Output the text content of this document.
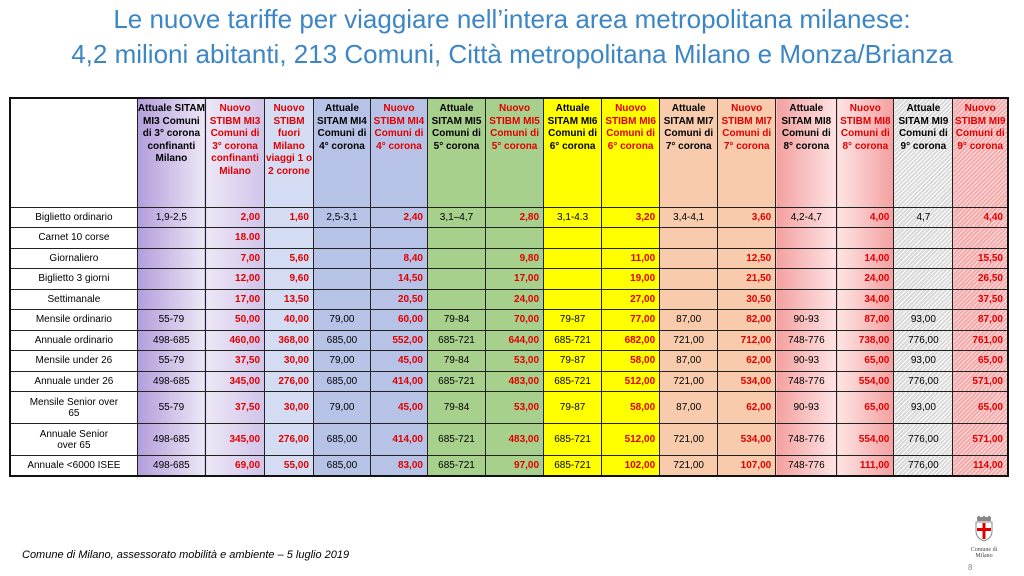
Le nuove tariffe per viaggiare nell’intera area metropolitana milanese:
4,2 milioni abitanti, 213 Comuni, Città metropolitana Milano e Monza/Brianza
	Attuale SITAM MI3 Comuni di 3° corona confinanti Milano	Nuovo STIBM MI3 Comuni di 3° corona confinanti Milano	Nuovo STIBM fuori Milano viaggi 1 o 2 corone	Attuale SITAM MI4 Comuni di 4° corona	Nuovo STIBM MI4 Comuni di 4° corona	Attuale SITAM MI5 Comuni di 5° corona	Nuovo STIBM MI5 Comuni di 5° corona	Attuale SITAM MI6 Comuni di 6° corona	Nuovo STIBM MI6 Comuni di 6° corona	Attuale SITAM MI7 Comuni di 7° corona	Nuovo STIBM MI7 Comuni di 7° corona	Attuale SITAM MI8 Comuni di 8° corona	Nuovo STIBM MI8 Comuni di 8° corona	Attuale SITAM MI9 Comuni di 9° corona	Nuovo STIBM MI9 Comuni di 9° corona
Biglietto ordinario	1,9-2,5	2,00	1,60	2,5-3,1	2,40	3,1–4,7	2,80	3,1-4.3	3,20	3,4-4,1	3,60	4,2-4,7	4,00	4,7	4,40
Carnet 10 corse		18.00													
Giornaliero		7,00	5,60		8,40		9,80		11,00		12,50		14,00		15,50
Biglietto 3 giorni		12,00	9,60		14,50		17,00		19,00		21,50		24,00		26,50
Settimanale		17,00	13,50		20,50		24,00		27,00		30,50		34,00		37,50
Mensile ordinario	55-79	50,00	40,00	79,00	60,00	79-84	70,00	79-87	77,00	87,00	82,00	90-93	87,00	93,00	87,00
Annuale ordinario	498-685	460,00	368,00	685,00	552,00	685-721	644,00	685-721	682,00	721,00	712,00	748-776	738,00	776,00	761,00
Mensile under 26	55-79	37,50	30,00	79,00	45,00	79-84	53,00	79-87	58,00	87,00	62,00	90-93	65,00	93,00	65,00
Annuale under 26	498-685	345,00	276,00	685,00	414,00	685-721	483,00	685-721	512,00	721,00	534,00	748-776	554,00	776,00	571,00
Mensile Senior over 65	55-79	37,50	30,00	79,00	45,00	79-84	53,00	79-87	58,00	87,00	62,00	90-93	65,00	93,00	65,00
Annuale Senior over 65	498-685	345,00	276,00	685,00	414,00	685-721	483,00	685-721	512,00	721,00	534,00	748-776	554,00	776,00	571,00
Annuale <6000 ISEE	498-685	69,00	55,00	685,00	83,00	685-721	97,00	685-721	102,00	721,00	107,00	748-776	111,00	776,00	114,00
Comune di Milano, assessorato mobilità e ambiente – 5 luglio 2019	Comune di
Milano
8
